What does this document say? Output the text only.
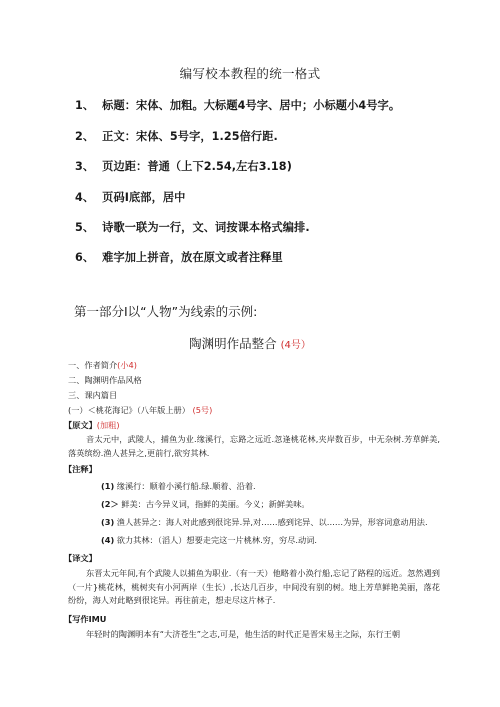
编写校本教程的统一格式
1、 标题：宋体、加粗。大标题4号字、居中；小标题小4号字。
2、 正文：宋体、5号字，1.25倍行距.
3、 页边距：普通（上下2.54,左右3.18)
4、 页码I底部，居中
5、 诗歌一联为一行，文、词按课本格式编排.
6、 难字加上拼音，放在原文或者注释里
第一部分I以“人物”为线索的示例:
陶渊明作品整合 (4号）
一、作者简介(小4)
二、陶渊明作品风格
三、课内篇目
(一）＜桃花海记》（八年版上册） (5号)
【原文】(加粗)
音太元中，武陵人，捕鱼为业.缘溪行，忘路之远近.忽逢桃花林,夹岸数百步，中无杂树.芳草鲜美,落英缤纷.渔人甚异之,更前行,欲穷其林.
【注释】
(1) 缘溪行：顺着小溪行船.绿.顺着、沿着.
(2＞ 鲜美：古今异义词，指鲜的美丽。今义；新鲜美味。
(3) 渔人甚异之：海人对此感到很诧异.异,对……感到诧异、以……为异，形容词意动用法.
(4) 欲力其林：（滔人）想要走完这一片桃林.穷，穷尽.动词.
【译文】
东晋太元年间,有个武陵人以捕鱼为职业.（有一天）他略着小涣行船,忘记了路程的远近。忽然遇到（一片}桃花林，桃树夹有小河两岸（生长）,长达几百步，中间没有别的树。地上芳草鲜艳美丽，落花纷纷，海人对此略到很诧异。再往前走，想走尽这片林子.
【写作IMU
年轻时的陶渊明本有“大济苍生”之志,可是，他生活的时代正是晋宋易主之际，东行王朝
